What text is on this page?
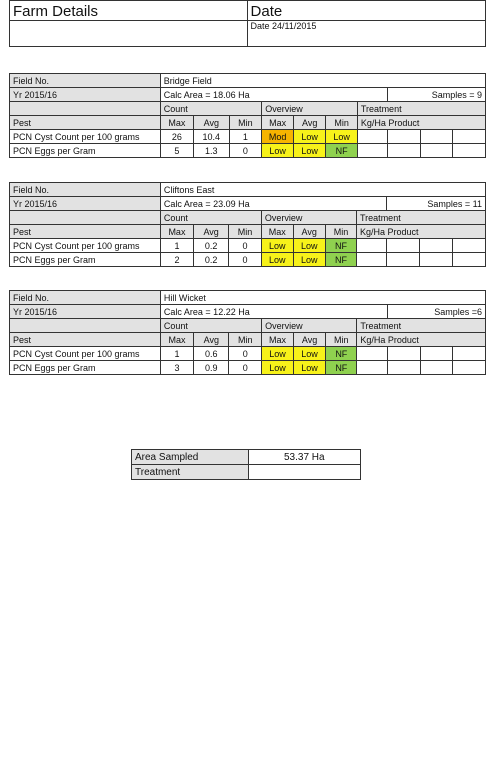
Farm Details	Date
	Date 24/11/2015
Field No.	Bridge Field									
Yr 2015/16	Calc Area = 18.06 Ha							Samples = 9		
	Count			Overview			Treatment			
Pest	Max	Avg	Min	Max	Avg	Min	Kg/Ha Product			
PCN Cyst Count per 100 grams	26	10.4	1	Mod	Low	Low				
PCN Eggs per Gram	5	1.3	0	Low	Low	NF				
Field No.	Cliftons East									
Yr 2015/16	Calc Area = 23.09 Ha							Samples = 11		
	Count			Overview			Treatment			
Pest	Max	Avg	Min	Max	Avg	Min	Kg/Ha Product			
PCN Cyst Count per 100 grams	1	0.2	0	Low	Low	NF				
PCN Eggs per Gram	2	0.2	0	Low	Low	NF				
Field No.	Hill Wicket									
Yr 2015/16	Calc Area = 12.22 Ha							Samples =6		
	Count			Overview			Treatment			
Pest	Max	Avg	Min	Max	Avg	Min	Kg/Ha Product			
PCN Cyst Count per 100 grams	1	0.6	0	Low	Low	NF				
PCN Eggs per Gram	3	0.9	0	Low	Low	NF				
Area Sampled	53.37 Ha
Treatment	
